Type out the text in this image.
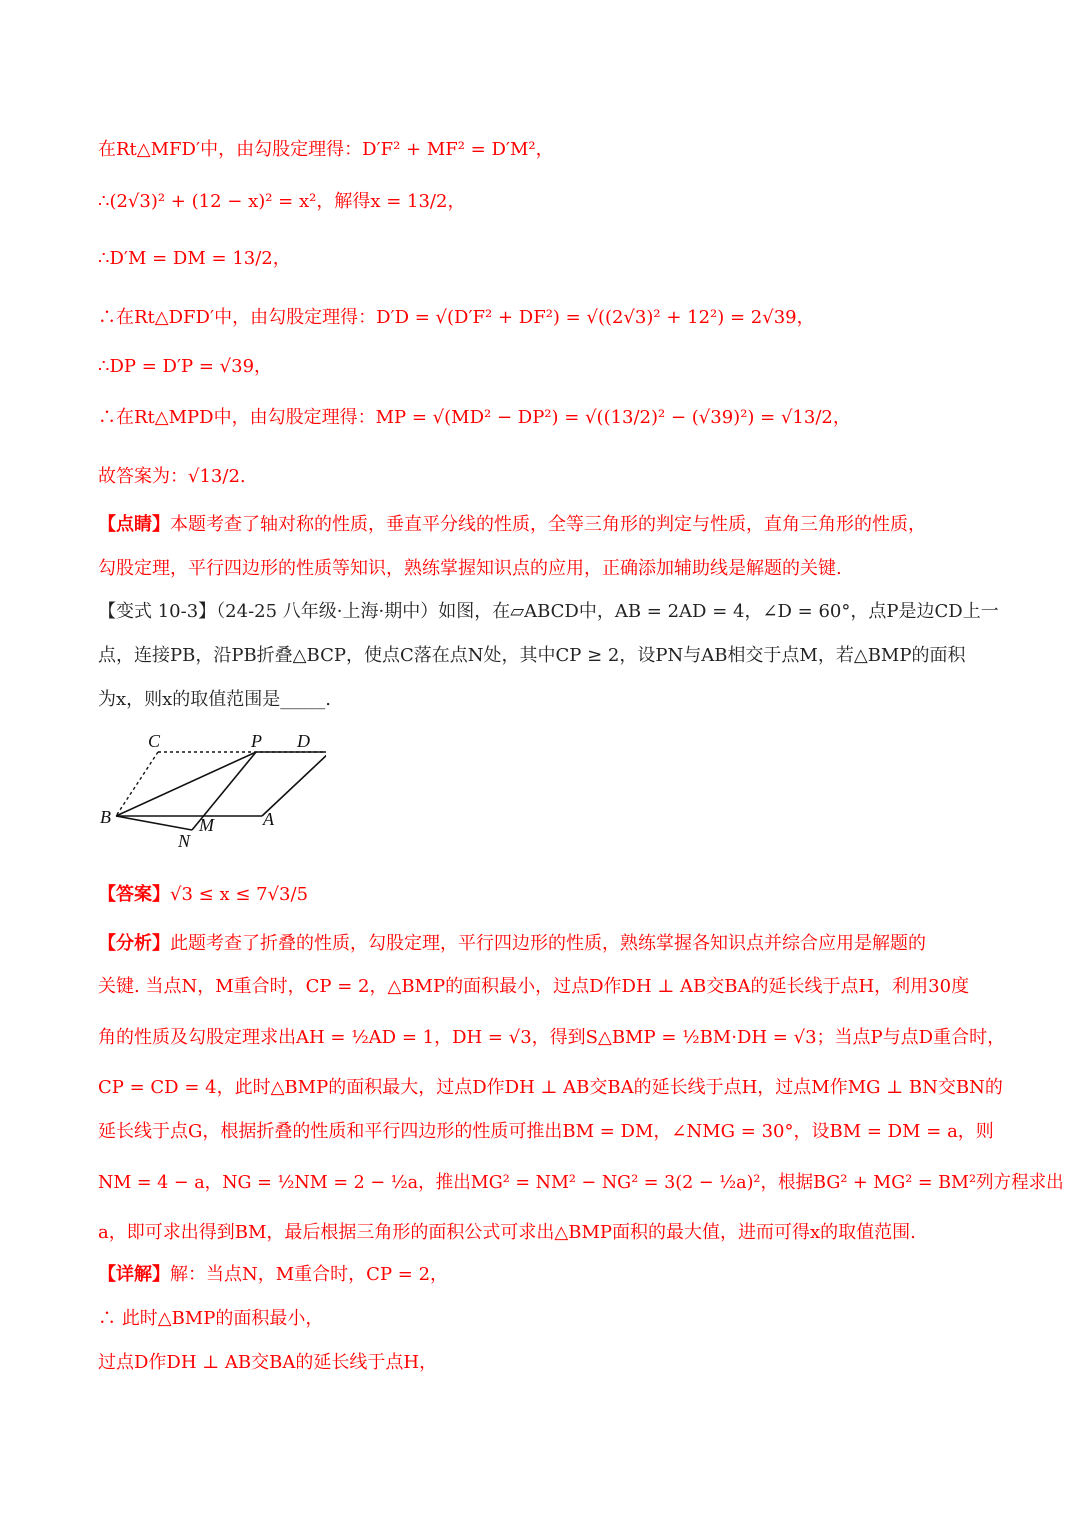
在Rt△MFD′中，由勾股定理得：D′F² + MF² = D′M²，
∴(2√3)² + (12 − x)² = x²，解得x = 13/2，
∴D′M = DM = 13/2，
∴在Rt△DFD′中，由勾股定理得：D′D = √(D′F² + DF²) = √((2√3)² + 12²) = 2√39，
∴DP = D′P = √39，
∴在Rt△MPD中，由勾股定理得：MP = √(MD² − DP²) = √((13/2)² − (√39)²) = √13/2，
故答案为：√13/2.
【点睛】本题考查了轴对称的性质，垂直平分线的性质，全等三角形的判定与性质，直角三角形的性质，
勾股定理，平行四边形的性质等知识，熟练掌握知识点的应用，正确添加辅助线是解题的关键.
【变式 10-3】（24-25 八年级·上海·期中）如图，在▱ABCD中，AB = 2AD = 4，∠D = 60°，点P是边CD上一
点，连接PB，沿PB折叠△BCP，使点C落在点N处，其中CP ≥ 2，设PN与AB相交于点M，若△BMP的面积
为x，则x的取值范围是_____.
C	P D
B	M	A
N
【答案】√3 ≤ x ≤ 7√3/5
【分析】此题考查了折叠的性质，勾股定理，平行四边形的性质，熟练掌握各知识点并综合应用是解题的
关键. 当点N，M重合时，CP = 2，△BMP的面积最小，过点D作DH ⊥ AB交BA的延长线于点H，利用30度
角的性质及勾股定理求出AH = ½AD = 1，DH = √3，得到S△BMP = ½BM·DH = √3；当点P与点D重合时，
CP = CD = 4，此时△BMP的面积最大，过点D作DH ⊥ AB交BA的延长线于点H，过点M作MG ⊥ BN交BN的
延长线于点G，根据折叠的性质和平行四边形的性质可推出BM = DM，∠NMG = 30°，设BM = DM = a，则
NM = 4 − a，NG = ½NM = 2 − ½a，推出MG² = NM² − NG² = 3(2 − ½a)²，根据BG² + MG² = BM²列方程求出
a，即可求出得到BM，最后根据三角形的面积公式可求出△BMP面积的最大值，进而可得x的取值范围.
【详解】解：当点N，M重合时，CP = 2，
∴ 此时△BMP的面积最小，
过点D作DH ⊥ AB交BA的延长线于点H，
